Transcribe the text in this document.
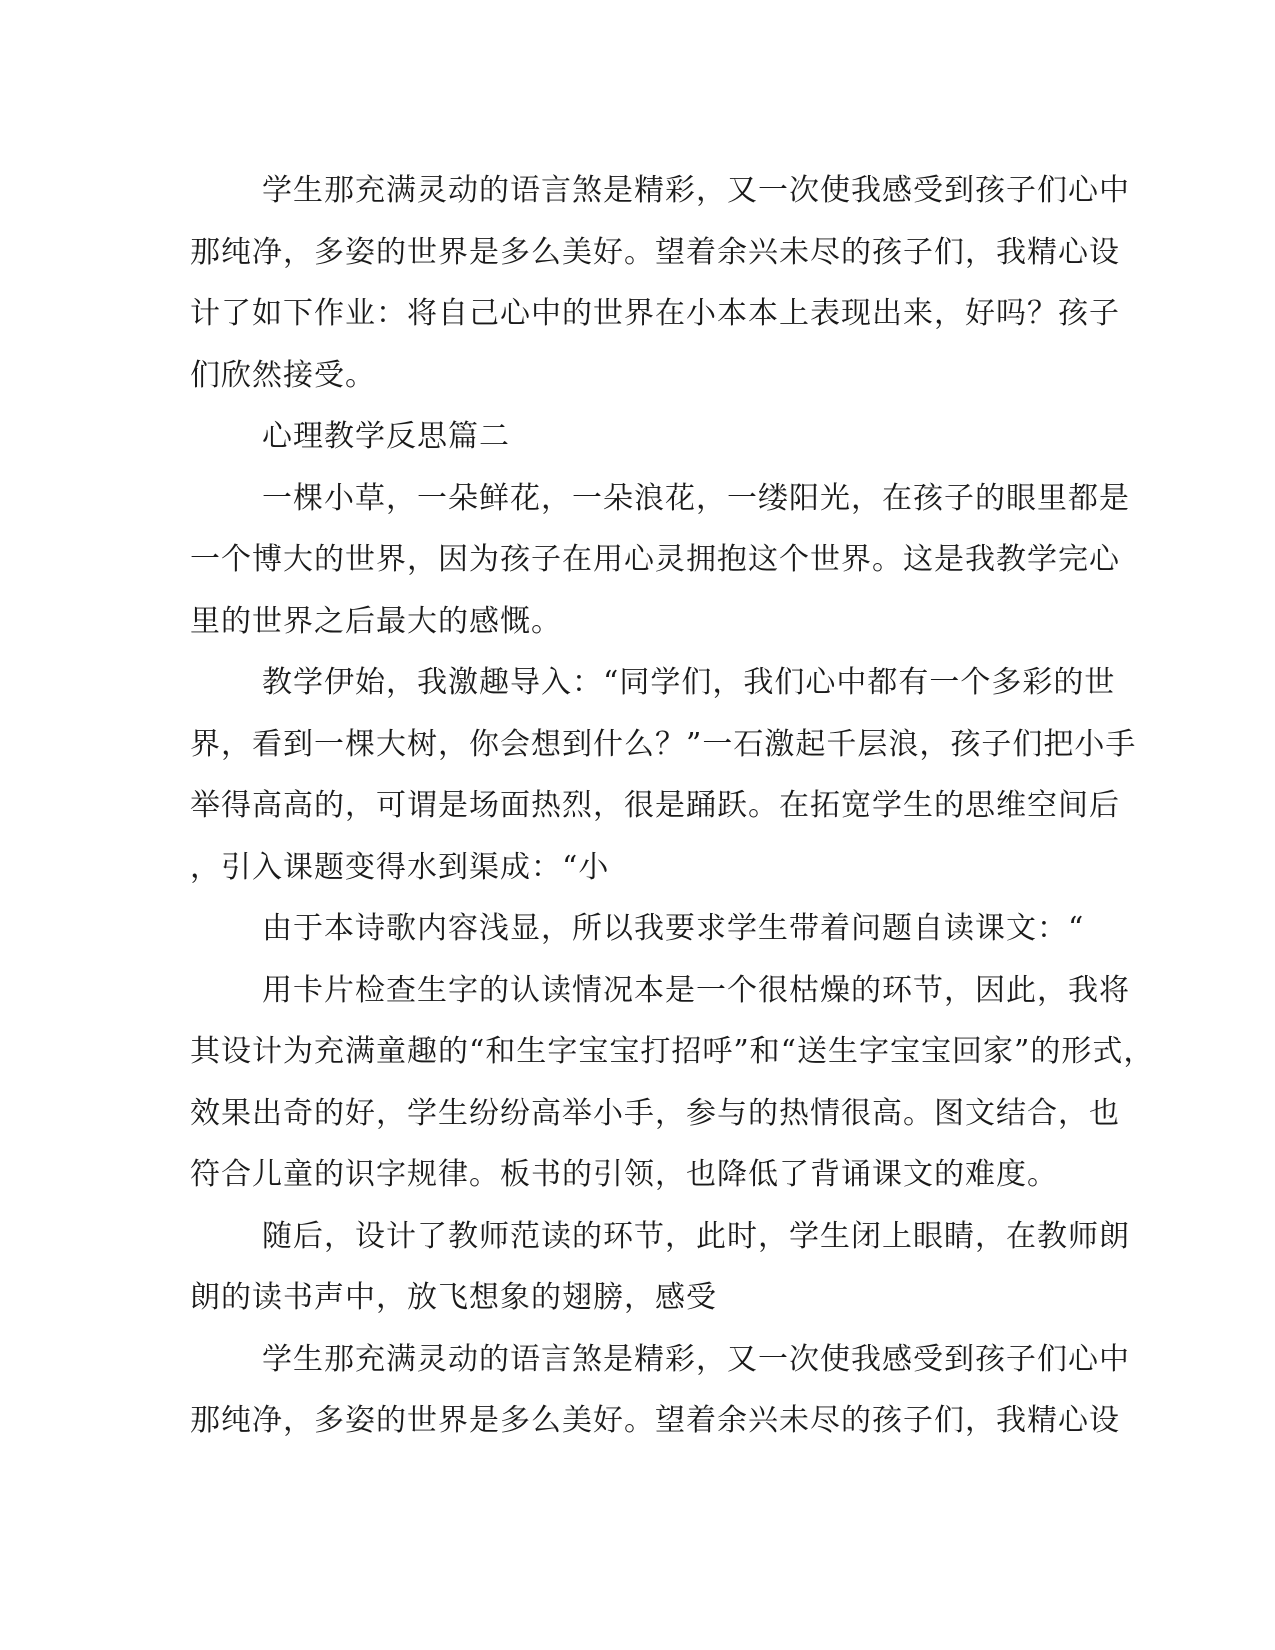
学生那充满灵动的语言煞是精彩，又一次使我感受到孩子们心中
那纯净，多姿的世界是多么美好。望着余兴未尽的孩子们，我精心设
计了如下作业：将自己心中的世界在小本本上表现出来，好吗？孩子
们欣然接受。
心理教学反思篇二
一棵小草，一朵鲜花，一朵浪花，一缕阳光，在孩子的眼里都是
一个博大的世界，因为孩子在用心灵拥抱这个世界。这是我教学完心
里的世界之后最大的感慨。
教学伊始，我激趣导入：“同学们，我们心中都有一个多彩的世
界，看到一棵大树，你会想到什么？”一石激起千层浪，孩子们把小手
举得高高的，可谓是场面热烈，很是踊跃。在拓宽学生的思维空间后
，引入课题变得水到渠成：“小
由于本诗歌内容浅显，所以我要求学生带着问题自读课文：“
用卡片检查生字的认读情况本是一个很枯燥的环节，因此，我将
其设计为充满童趣的“和生字宝宝打招呼”和“送生字宝宝回家”的形式，
效果出奇的好，学生纷纷高举小手，参与的热情很高。图文结合，也
符合儿童的识字规律。板书的引领，也降低了背诵课文的难度。
随后，设计了教师范读的环节，此时，学生闭上眼睛，在教师朗
朗的读书声中，放飞想象的翅膀，感受
学生那充满灵动的语言煞是精彩，又一次使我感受到孩子们心中
那纯净，多姿的世界是多么美好。望着余兴未尽的孩子们，我精心设
